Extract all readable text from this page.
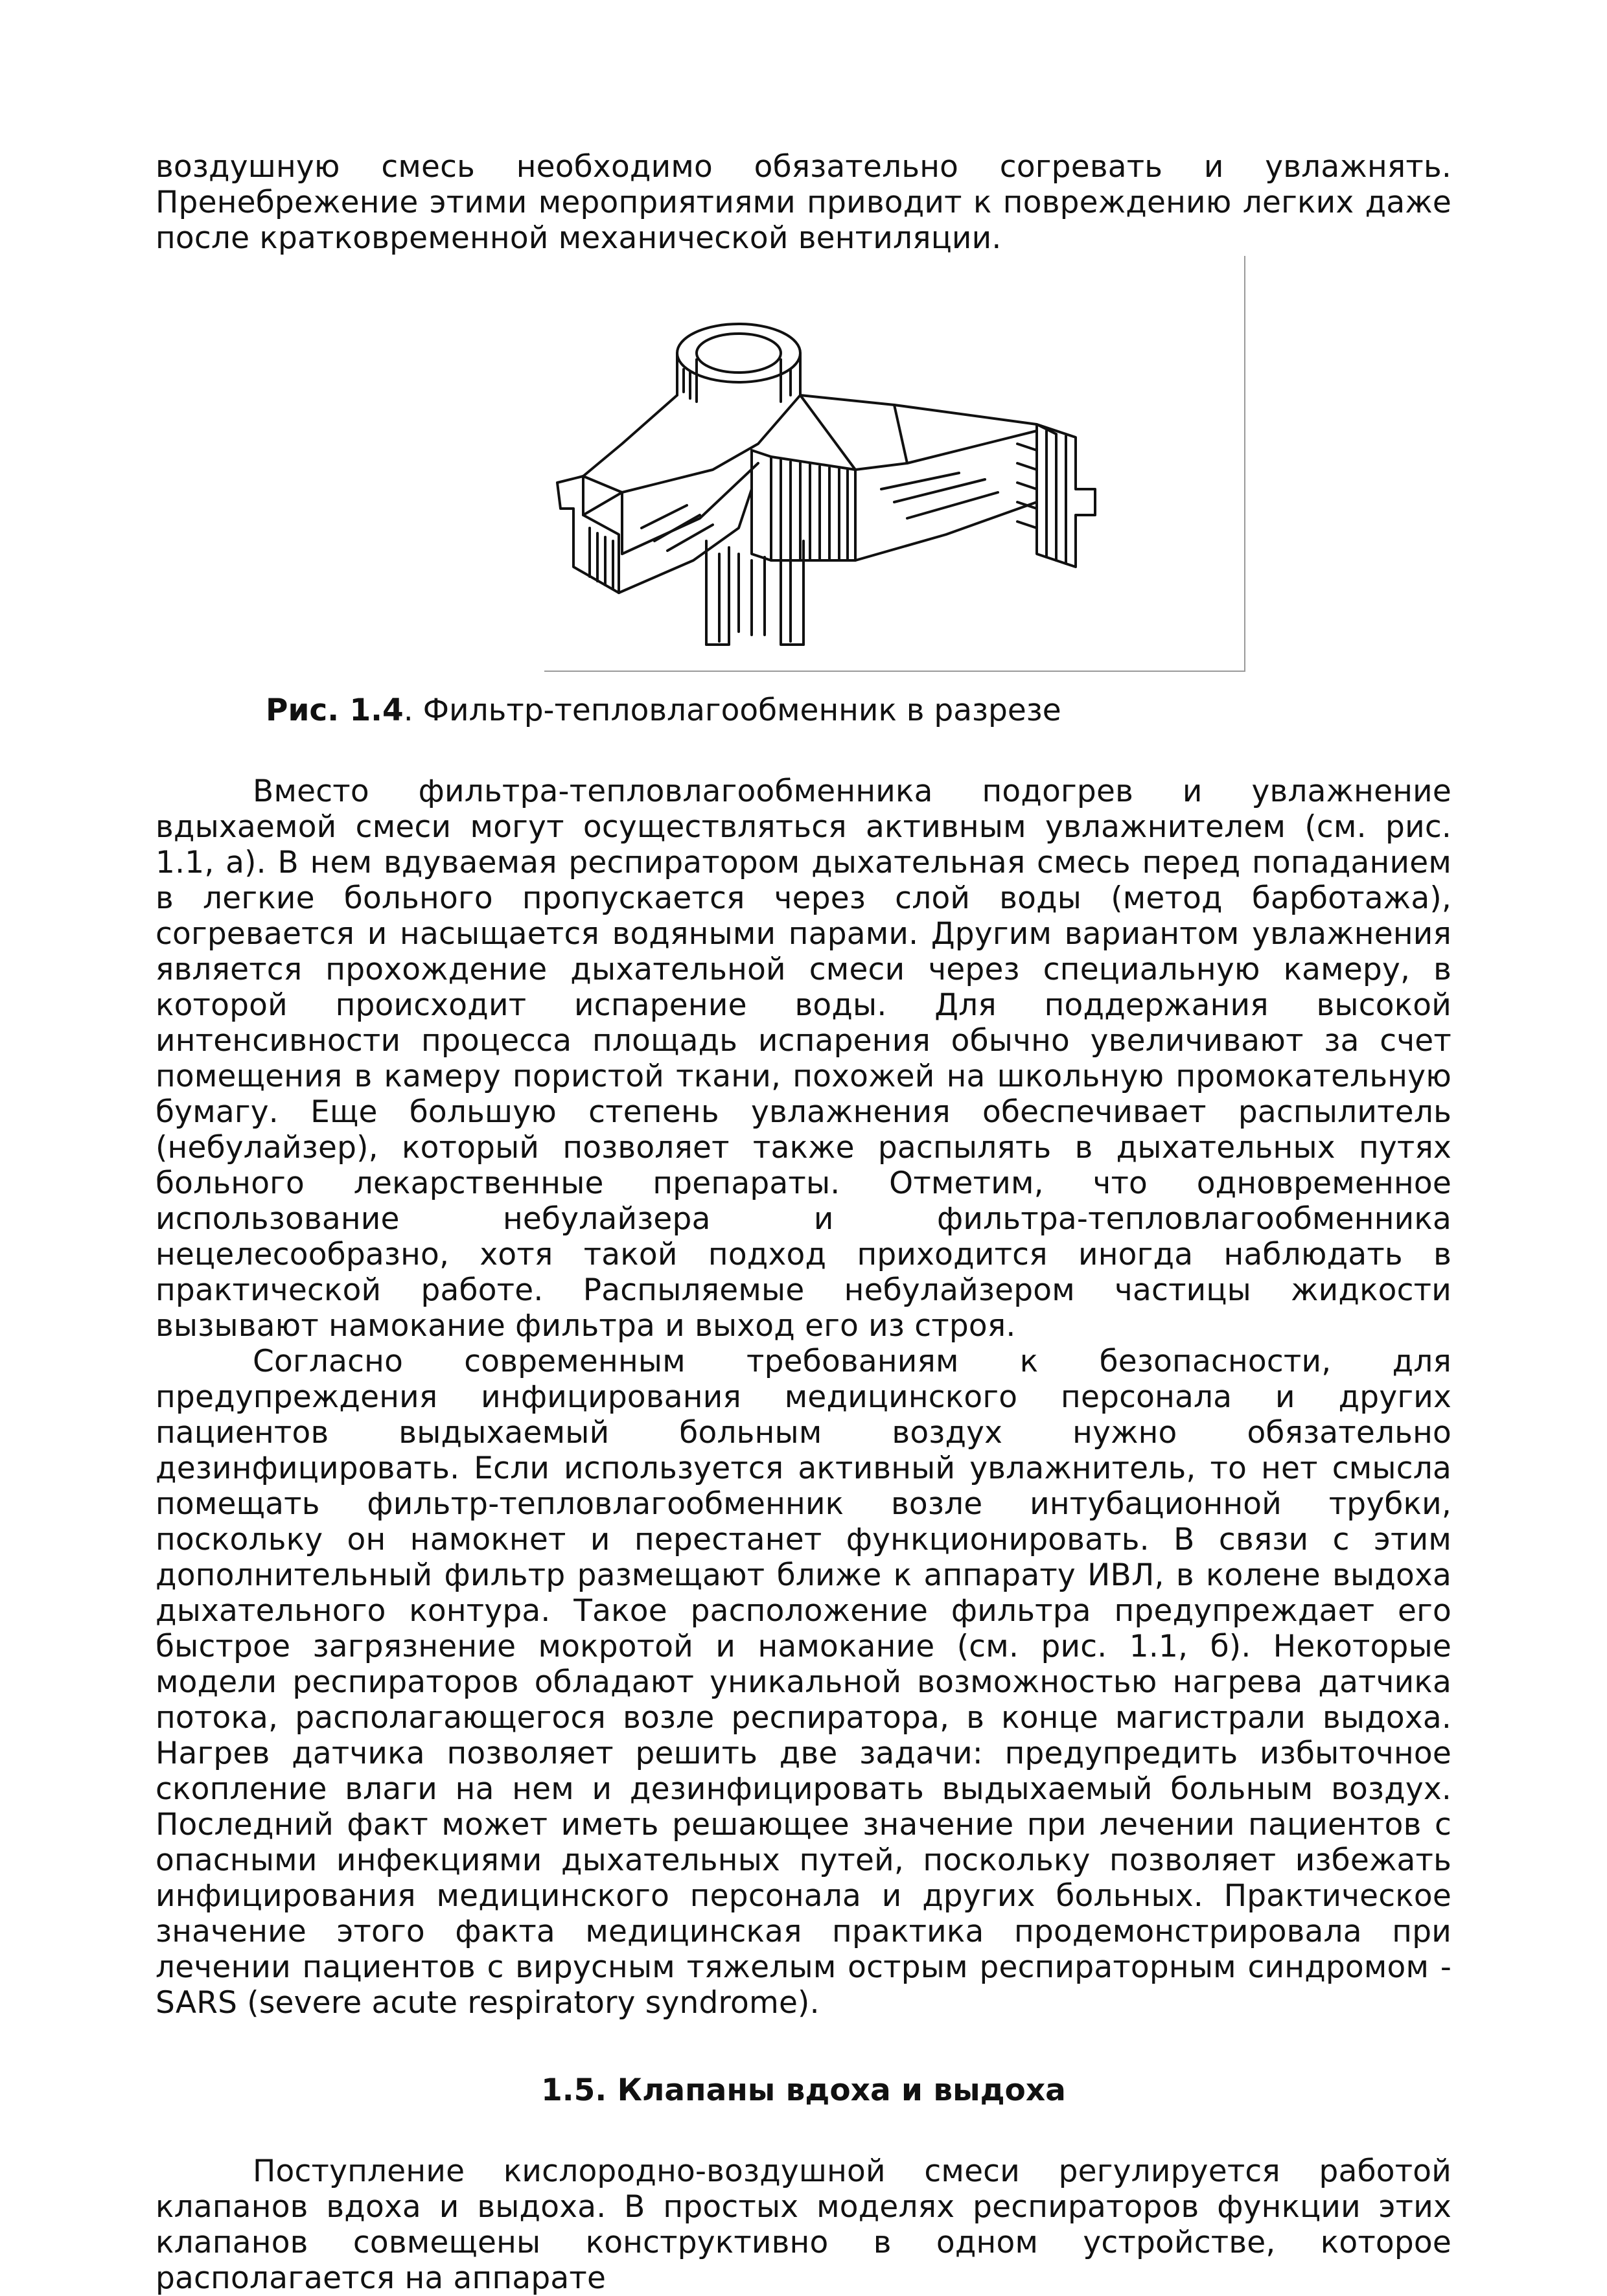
воздушную смесь необходимо обязательно согревать и увлажнять. Пренебрежение этими мероприятиями приводит к повреждению легких даже после кратковременной механической вентиляции.

Рис. 1.4. Фильтр-тепловлагообменник в разрезе

Вместо фильтра-тепловлагообменника подогрев и увлажнение вдыхаемой смеси могут осуществляться активным увлажнителем (см. рис. 1.1, а). В нем вдуваемая респиратором дыхательная смесь перед попаданием в легкие больного пропускается через слой воды (метод барботажа), согревается и насыщается водяными парами. Другим вариантом увлажнения является прохождение дыхательной смеси через специальную камеру, в которой происходит испарение воды. Для поддержания высокой интенсивности процесса площадь испарения обычно увеличивают за счет помещения в камеру пористой ткани, похожей на школьную промокательную бумагу. Еще большую степень увлажнения обеспечивает распылитель (небулайзер), который позволяет также распылять в дыхательных путях больного лекарственные препараты. Отметим, что одновременное использование небулайзера и фильтра-тепловлагообменника нецелесообразно, хотя такой подход приходится иногда наблюдать в практической работе. Распыляемые небулайзером частицы жидкости вызывают намокание фильтра и выход его из строя.

Согласно современным требованиям к безопасности, для предупреждения инфицирования медицинского персонала и других пациентов выдыхаемый больным воздух нужно обязательно дезинфицировать. Если используется активный увлажнитель, то нет смысла помещать фильтр-тепловлагообменник возле интубационной трубки, поскольку он намокнет и перестанет функционировать. В связи с этим дополнительный фильтр размещают ближе к аппарату ИВЛ, в колене выдоха дыхательного контура. Такое расположение фильтра предупреждает его быстрое загрязнение мокротой и намокание (см. рис. 1.1, б). Некоторые модели респираторов обладают уникальной возможностью нагрева датчика потока, располагающегося возле респиратора, в конце магистрали выдоха. Нагрев датчика позволяет решить две задачи: предупредить избыточное скопление влаги на нем и дезинфицировать выдыхаемый больным воздух. Последний факт может иметь решающее значение при лечении пациентов с опасными инфекциями дыхательных путей, поскольку позволяет избежать инфицирования медицинского персонала и других больных. Практическое значение этого факта медицинская практика продемонстрировала при лечении пациентов с вирусным тяжелым острым респираторным синдромом - SARS (severe acute respiratory syndrome).

1.5. Клапаны вдоха и выдоха

Поступление кислородно-воздушной смеси регулируется работой клапанов вдоха и выдоха. В простых моделях респираторов функции этих клапанов совмещены конструктивно в одном устройстве, которое располагается на аппарате
